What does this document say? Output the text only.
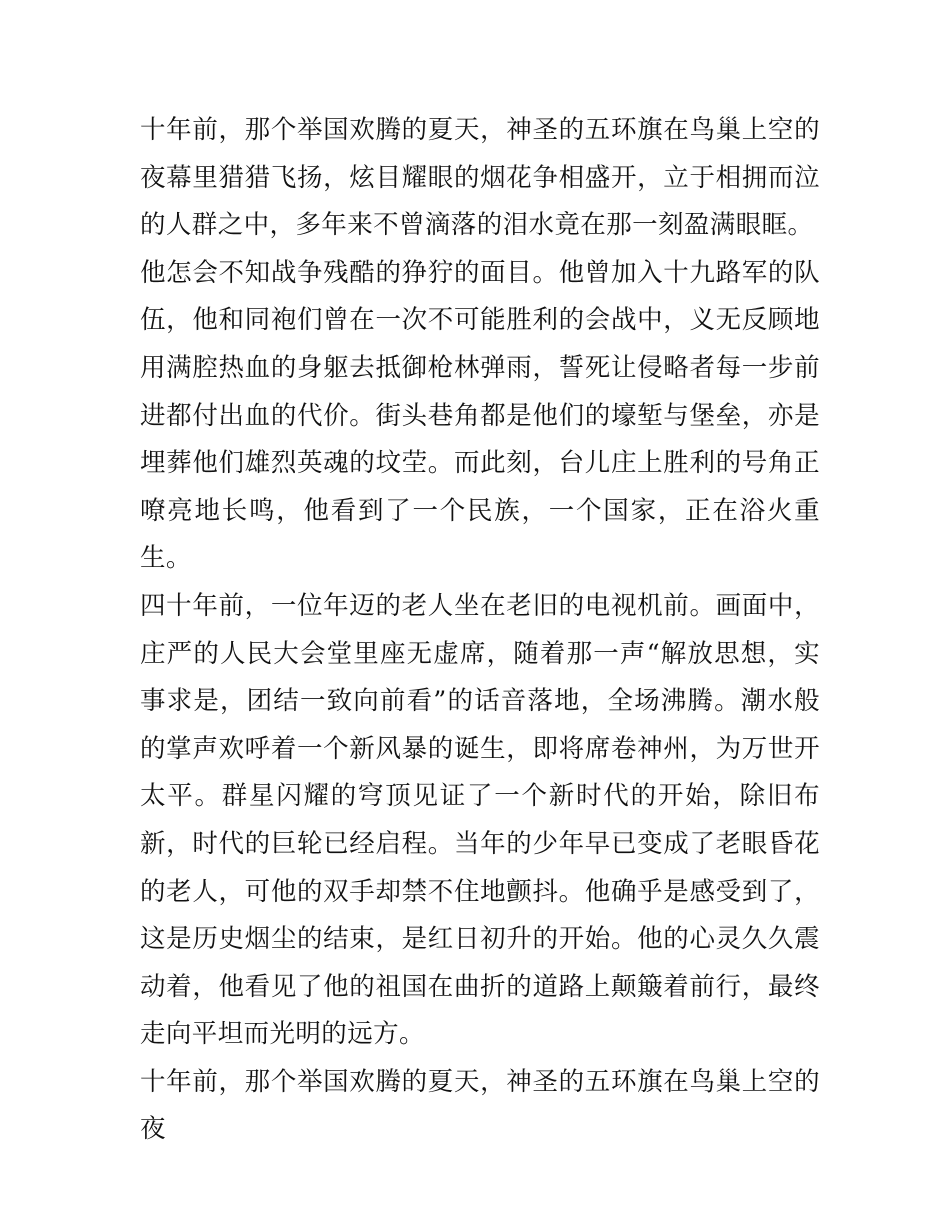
十年前，那个举国欢腾的夏天，神圣的五环旗在鸟巢上空的夜幕里猎猎飞扬，炫目耀眼的烟花争相盛开，立于相拥而泣的人群之中，多年来不曾滴落的泪水竟在那一刻盈满眼眶。

他怎会不知战争残酷的狰狞的面目。他曾加入十九路军的队伍，他和同袍们曾在一次不可能胜利的会战中，义无反顾地用满腔热血的身躯去抵御枪林弹雨，誓死让侵略者每一步前进都付出血的代价。街头巷角都是他们的壕堑与堡垒，亦是埋葬他们雄烈英魂的坟茔。而此刻，台儿庄上胜利的号角正嘹亮地长鸣，他看到了一个民族，一个国家，正在浴火重生。

四十年前，一位年迈的老人坐在老旧的电视机前。画面中，庄严的人民大会堂里座无虚席，随着那一声“解放思想，实事求是，团结一致向前看”的话音落地，全场沸腾。潮水般的掌声欢呼着一个新风暴的诞生，即将席卷神州，为万世开太平。群星闪耀的穹顶见证了一个新时代的开始，除旧布新，时代的巨轮已经启程。当年的少年早已变成了老眼昏花的老人，可他的双手却禁不住地颤抖。他确乎是感受到了，这是历史烟尘的结束，是红日初升的开始。他的心灵久久震动着，他看见了他的祖国在曲折的道路上颠簸着前行，最终走向平坦而光明的远方。

十年前，那个举国欢腾的夏天，神圣的五环旗在鸟巢上空的夜
